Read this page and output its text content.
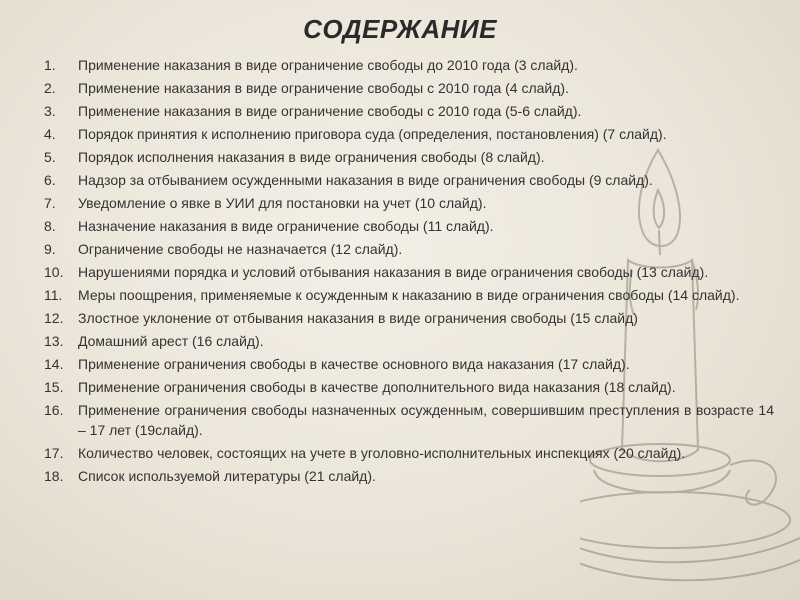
СОДЕРЖАНИЕ
1.	Применение наказания в виде ограничение свободы до 2010 года (3 слайд).
2.	Применение наказания в виде ограничение свободы с 2010 года (4 слайд).
3.	Применение наказания в виде ограничение свободы с 2010 года (5-6 слайд).
4.	Порядок принятия к исполнению приговора суда (определения, постановления) (7 слайд).
5.	Порядок исполнения наказания в виде ограничения свободы (8 слайд).
6.	Надзор за отбыванием осужденными наказания в виде ограничения свободы (9 слайд).
7.	Уведомление о явке в УИИ для постановки на учет (10 слайд).
8.	Назначение наказания в виде ограничение свободы (11 слайд).
9.	Ограничение свободы не назначается (12 слайд).
10.	Нарушениями порядка и условий отбывания наказания в виде ограничения свободы (13 слайд).
11.	Меры поощрения, применяемые к осужденным к наказанию в виде ограничения свободы (14 слайд).
12.	Злостное уклонение от отбывания наказания в виде ограничения свободы (15 слайд)
13.	Домашний арест (16 слайд).
14.	Применение ограничения свободы в качестве основного вида наказания (17 слайд).
15.	Применение ограничения свободы в качестве дополнительного вида наказания (18 слайд).
16.	Применение ограничения свободы назначенных осужденным, совершившим преступления в возрасте 14 – 17 лет (19слайд).
17.	Количество человек, состоящих на учете в уголовно-исполнительных инспекциях (20 слайд).
18.	Список используемой литературы (21 слайд).
